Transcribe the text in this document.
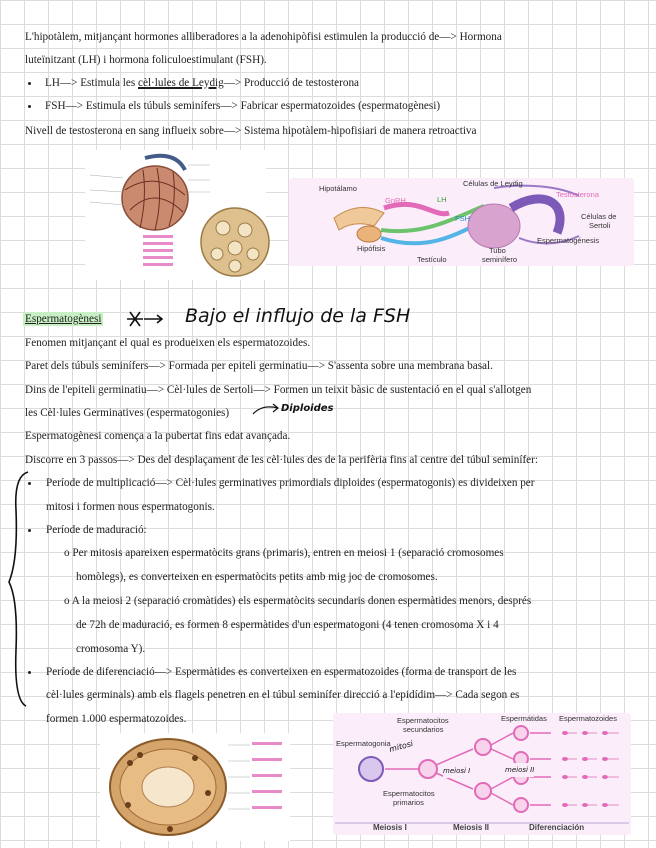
L'hipotàlem, mitjançant hormones alliberadores a la adenohipòfisi estimulen la producció de—> Hormona
luteïnitzant (LH) i hormona foliculoestimulant (FSH).
LH—> Estimula les cèl·lules de Leydig—> Producció de testosterona
FSH—> Estimula els túbuls seminífers—> Fabricar espermatozoides (espermatogènesi)
Nivell de testosterona en sang influeix sobre—> Sistema hipotàlem-hipofisiari de manera retroactiva
Hipotálamo
GnRH	LH
FSH
Células de Leydig
Testosterona
Células de
Sertoli
Espermatogénesis
Hipófisis
Testículo
Tubo
seminífero
Espermatogènesi	Bajo el influjo de la FSH
Fenomen mitjançant el qual es produeixen els espermatozoides.
Paret dels túbuls seminífers—> Formada per epiteli germinatiu—> S'assenta sobre una membrana basal.
Dins de l'epiteli germinatiu—> Cèl·lules de Sertoli—> Formen un teixit bàsic de sustentació en el qual s'allotgen
les Cèl·lules Germinatives (espermatogonies)	Diploides
Espermatogènesi comença a la pubertat fins edat avançada.
Discorre en 3 passos—> Des del desplaçament de les cèl·lules des de la perifèria fins al centre del túbul seminífer:
Període de multiplicació—> Cèl·lules germinatives primordials diploides (espermatogonis) es divideixen per
mitosi i formen nous espermatogonis.
Període de maduració:
o Per mitosis apareixen espermatòcits grans (primaris), entren en meiosi 1 (separació cromosomes
homòlegs), es converteixen en espermatòcits petits amb mig joc de cromosomes.
o A la meiosi 2 (separació cromàtides) els espermatòcits secundaris donen espermàtides menors, després
de 72h de maduració, es formen 8 espermàtides d'un espermatogoni (4 tenen cromosoma X i 4
cromosoma Y).
Període de diferenciació—> Espermàtides es converteixen en espermatozoides (forma de transport de les
cèl·lules germinals) amb els flagels penetren en el túbul seminífer direcció a l'epidídim—> Cada segon es
formen 1.000 espermatozoides.	Espermatocitos
secundarios
Espermátidas Espermatozoides
Espermatogonia
Espermatocitos
primarios
mitosi
meiosi I	meiosi II
Meiosis I	Meiosis II	Diferenciación
